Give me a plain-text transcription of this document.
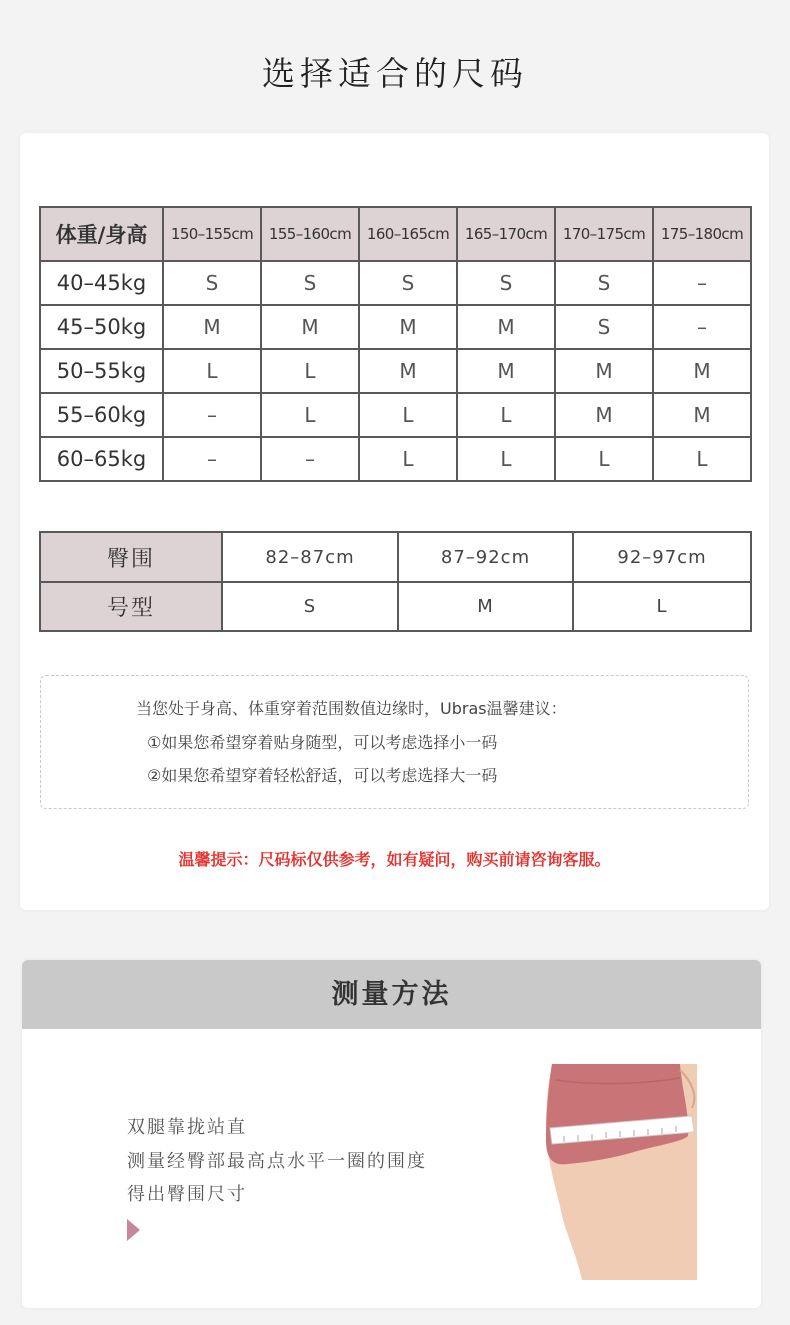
选择适合的尺码
体重/身高	150–155cm	155–160cm	160–165cm	165–170cm	170–175cm	175–180cm
40–45kg	S	S	S	S	S	–
45–50kg	M	M	M	M	S	–
50–55kg	L	L	M	M	M	M
55–60kg	–	L	L	L	M	M
60–65kg	–	–	L	L	L	L
臀围	82–87cm	87–92cm	92–97cm
号型	S	M	L
当您处于身高、体重穿着范围数值边缘时，Ubras温馨建议：
①如果您希望穿着贴身随型，可以考虑选择小一码
②如果您希望穿着轻松舒适，可以考虑选择大一码
温馨提示：尺码标仅供参考，如有疑问，购买前请咨询客服。
测量方法
双腿靠拢站直
测量经臀部最高点水平一圈的围度
得出臀围尺寸
